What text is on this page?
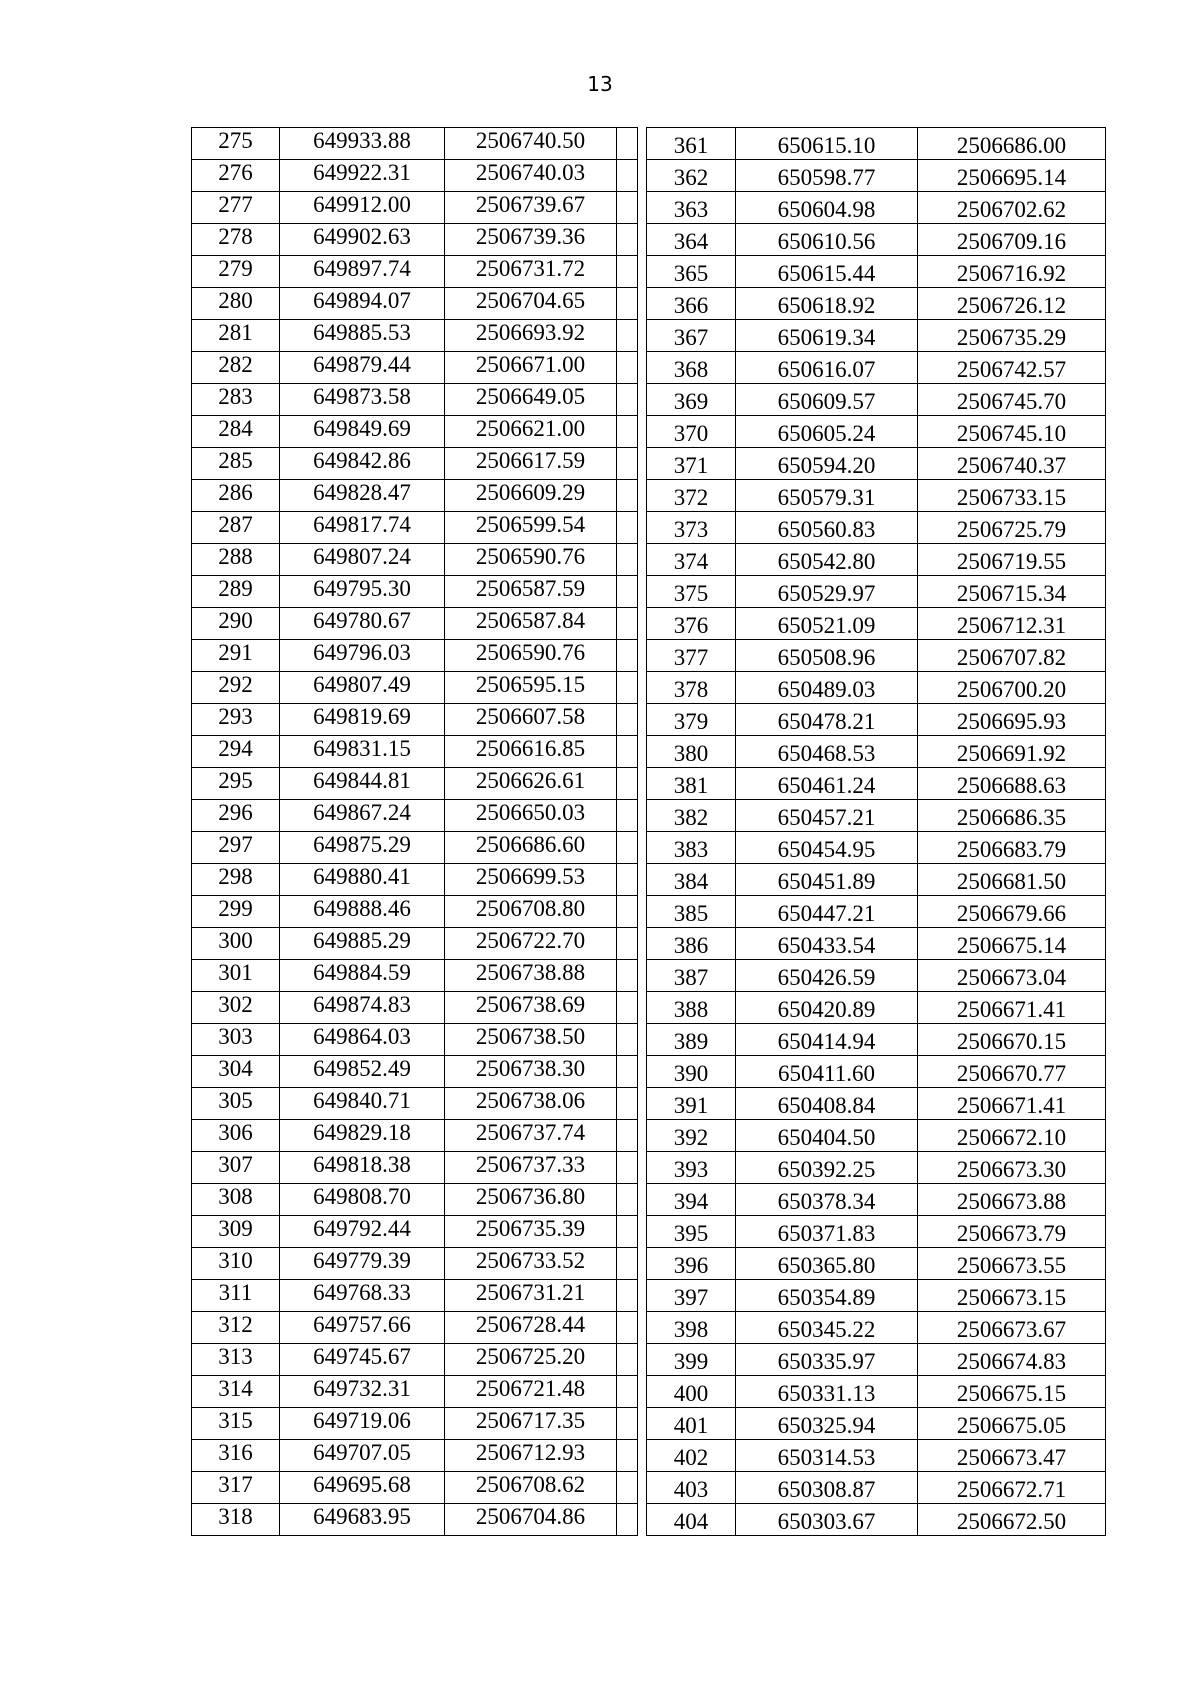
13
275	649933.88	2506740.50	
276	649922.31	2506740.03	
277	649912.00	2506739.67	
278	649902.63	2506739.36	
279	649897.74	2506731.72	
280	649894.07	2506704.65	
281	649885.53	2506693.92	
282	649879.44	2506671.00	
283	649873.58	2506649.05	
284	649849.69	2506621.00	
285	649842.86	2506617.59	
286	649828.47	2506609.29	
287	649817.74	2506599.54	
288	649807.24	2506590.76	
289	649795.30	2506587.59	
290	649780.67	2506587.84	
291	649796.03	2506590.76	
292	649807.49	2506595.15	
293	649819.69	2506607.58	
294	649831.15	2506616.85	
295	649844.81	2506626.61	
296	649867.24	2506650.03	
297	649875.29	2506686.60	
298	649880.41	2506699.53	
299	649888.46	2506708.80	
300	649885.29	2506722.70	
301	649884.59	2506738.88	
302	649874.83	2506738.69	
303	649864.03	2506738.50	
304	649852.49	2506738.30	
305	649840.71	2506738.06	
306	649829.18	2506737.74	
307	649818.38	2506737.33	
308	649808.70	2506736.80	
309	649792.44	2506735.39	
310	649779.39	2506733.52	
311	649768.33	2506731.21	
312	649757.66	2506728.44	
313	649745.67	2506725.20	
314	649732.31	2506721.48	
315	649719.06	2506717.35	
316	649707.05	2506712.93	
317	649695.68	2506708.62	
318	649683.95	2506704.86	
361	650615.10	2506686.00
362	650598.77	2506695.14
363	650604.98	2506702.62
364	650610.56	2506709.16
365	650615.44	2506716.92
366	650618.92	2506726.12
367	650619.34	2506735.29
368	650616.07	2506742.57
369	650609.57	2506745.70
370	650605.24	2506745.10
371	650594.20	2506740.37
372	650579.31	2506733.15
373	650560.83	2506725.79
374	650542.80	2506719.55
375	650529.97	2506715.34
376	650521.09	2506712.31
377	650508.96	2506707.82
378	650489.03	2506700.20
379	650478.21	2506695.93
380	650468.53	2506691.92
381	650461.24	2506688.63
382	650457.21	2506686.35
383	650454.95	2506683.79
384	650451.89	2506681.50
385	650447.21	2506679.66
386	650433.54	2506675.14
387	650426.59	2506673.04
388	650420.89	2506671.41
389	650414.94	2506670.15
390	650411.60	2506670.77
391	650408.84	2506671.41
392	650404.50	2506672.10
393	650392.25	2506673.30
394	650378.34	2506673.88
395	650371.83	2506673.79
396	650365.80	2506673.55
397	650354.89	2506673.15
398	650345.22	2506673.67
399	650335.97	2506674.83
400	650331.13	2506675.15
401	650325.94	2506675.05
402	650314.53	2506673.47
403	650308.87	2506672.71
404	650303.67	2506672.50
